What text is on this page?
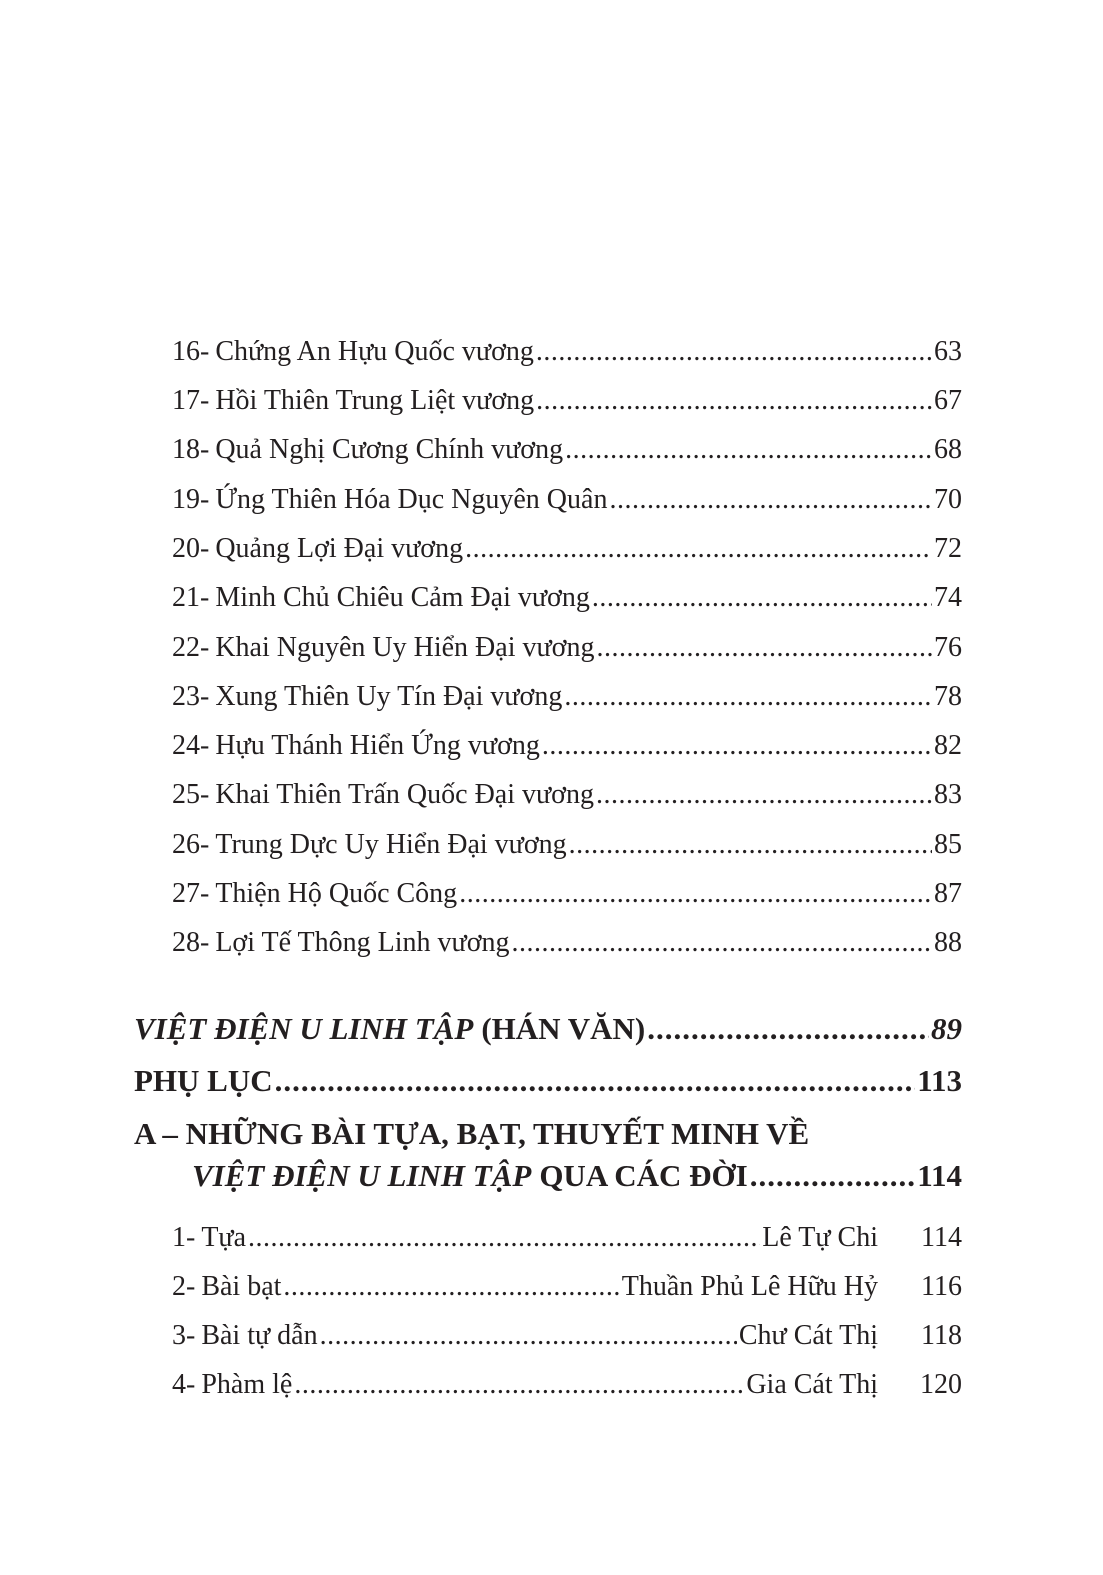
16- Chứng An Hựu Quốc vương .....	63
17- Hồi Thiên Trung Liệt vương .....	67
18- Quả Nghị Cương Chính vương .....	68
19- Ứng Thiên Hóa Dục Nguyên Quân .....	70
20- Quảng Lợi Đại vương .....	72
21- Minh Chủ Chiêu Cảm Đại vương .....	74
22- Khai Nguyên Uy Hiển Đại vương .....	76
23- Xung Thiên Uy Tín Đại vương .....	78
24- Hựu Thánh Hiển Ứng vương .....	82
25- Khai Thiên Trấn Quốc Đại vương .....	83
26- Trung Dực Uy Hiển Đại vương .....	85
27- Thiện Hộ Quốc Công .....	87
28- Lợi Tế Thông Linh vương .....	88
VIỆT ĐIỆN U LINH TẬP (HÁN VĂN) .....	89
PHỤ LỤC .....	113
A – NHỮNG BÀI TỰA, BẠT, THUYẾT MINH VỀ
VIỆT ĐIỆN U LINH TẬP QUA CÁC ĐỜI .....	114
1- Tựa .....	Lê Tự Chi	114
2- Bài bạt .....	Thuần Phủ Lê Hữu Hỷ	116
3- Bài tự dẫn .....	Chư Cát Thị	118
4- Phàm lệ .....	Gia Cát Thị	120
